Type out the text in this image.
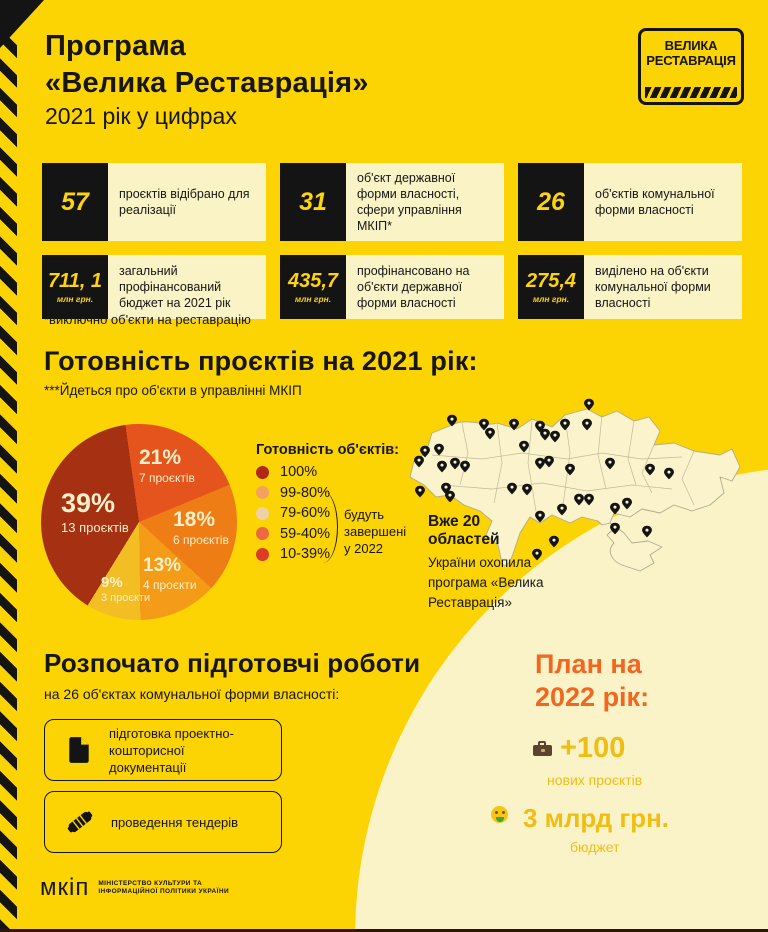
Програма
«Велика Реставрація»
2021 рік у цифрах
ВЕЛИКА
РЕСТАВРАЦІЯ
57	проєктів відібрано для реалізації	31
об'єкт державної форми власності, сфери управління МКІП*
26	об'єктів комунальної форми власності
711, 1
млн грн.
загальний профінансований бюджет на 2021 рік
435,7
млн грн.
профінансовано на об'єкти державної форми власності
275,4
млн грн.
виділено на об'єкти комунальної форми власності
*виключно об'єкти на реставрацію
Готовність проєктів на 2021 рік:
***Йдеться про об'єкти в управлінні МКІП
21%
7 проєктів
18%
6 проєктів
13%
4 проєкти
9%
3 проєкти
39%
13 проєктів
Готовність об'єктів:
100%
99-80%
79-60%
59-40%
10-39%
будуть завершені у 2022
Вже 20 областей
України охопила
програма «Велика
Реставрація»
Розпочато підготовчі роботи
на 26 об'єктах комунальної форми власності:
підготовка проектно-кошторисної документації
проведення тендерів
План на
2022 рік:
+100
нових проєктів
3 млрд грн.
бюджет
мкіп МІНІСТЕРСТВО КУЛЬТУРИ ТА
ІНФОРМАЦІЙНОЇ ПОЛІТИКИ УКРАЇНИ
